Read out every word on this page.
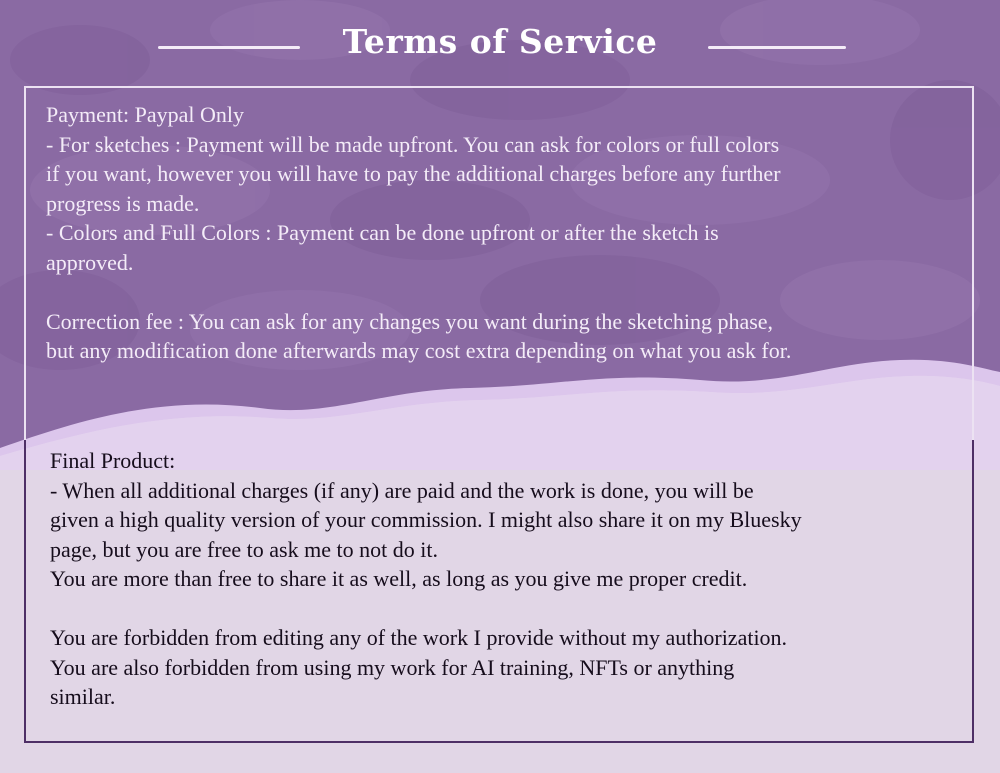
Terms of Service
Payment: Paypal Only
- For sketches : Payment will be made upfront. You can ask for colors or full colors
if you want, however you will have to pay the additional charges before any further
progress is made.
- Colors and Full Colors : Payment can be done upfront or after the sketch is
approved.
Correction fee : You can ask for any changes you want during the sketching phase,
but any modification done afterwards may cost extra depending on what you ask for.
Final Product:
- When all additional charges (if any) are paid and the work is done, you will be
given a high quality version of your commission. I might also share it on my Bluesky
page, but you are free to ask me to not do it.
You are more than free to share it as well, as long as you give me proper credit.
You are forbidden from editing any of the work I provide without my authorization.
You are also forbidden from using my work for AI training, NFTs or anything
similar.
